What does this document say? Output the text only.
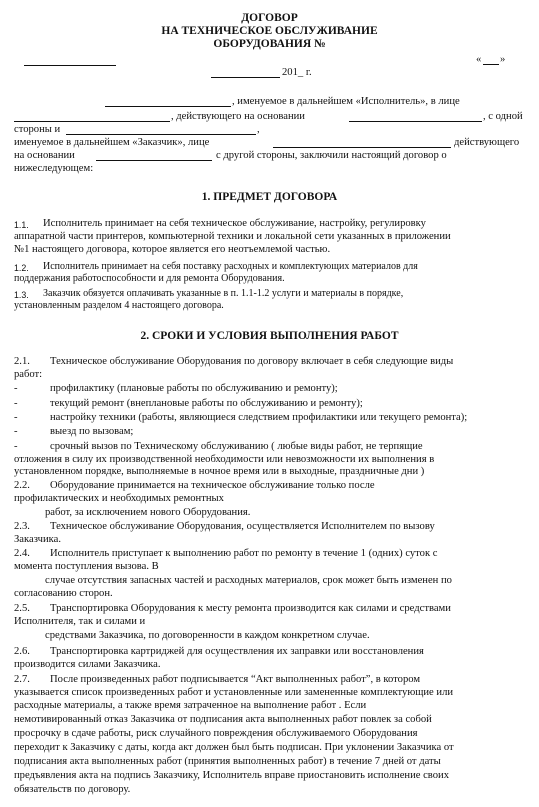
ДОГОВОР
НА ТЕХНИЧЕСКОЕ ОБСЛУЖИВАНИЕ
ОБОРУДОВАНИЯ №
« »
201_ г.
, именуемое в дальнейшем «Исполнитель», в лице
, действующего на основании	, с одной
стороны и	,
именуемое в дальнейшем «Заказчик», лице	действующего
на основании	с другой стороны, заключили настоящий договор о
нижеследующем:
1. ПРЕДМЕТ ДОГОВОРА
1.1. Исполнитель принимает на себя техническое обслуживание, настройку, регулировку
аппаратной части принтеров, компьютерной техники и локальной сети указанных в приложении
№1 настоящего договора, которое является его неотъемлемой частью.
1.2. Исполнитель принимает на себя поставку расходных и комплектующих материалов для
поддержания работоспособности и для ремонта Оборудования.
1.3. Заказчик обязуется оплачивать указанные в п. 1.1-1.2 услуги и материалы в порядке,
установленным разделом 4 настоящего договора.
2. СРОКИ И УСЛОВИЯ ВЫПОЛНЕНИЯ РАБОТ
2.1. Техническое обслуживание Оборудования по договору включает в себя следующие виды
работ:
-	профилактику (плановые работы по обслуживанию и ремонту);
-	текущий ремонт (внеплановые работы по обслуживанию и ремонту);
-	настройку техники (работы, являющиеся следствием профилактики или текущего ремонта);
-	выезд по вызовам;
-	срочный вызов по Техническому обслуживанию ( любые виды работ, не терпящие
отложения в силу их производственной необходимости или невозможности их выполнения в
установленном порядке, выполняемые в ночное время или в выходные, праздничные дни )
2.2. Оборудование принимается на техническое обслуживание только после
профилактических и необходимых ремонтных
работ, за исключением нового Оборудования.
2.3. Техническое обслуживание Оборудования, осуществляется Исполнителем по вызову
Заказчика.
2.4. Исполнитель приступает к выполнению работ по ремонту в течение 1 (одних) суток с
момента поступления вызова. В
случае отсутствия запасных частей и расходных материалов, срок может быть изменен по
согласованию сторон.
2.5. Транспортировка Оборудования к месту ремонта производится как силами и средствами
Исполнителя, так и силами и
средствами Заказчика, по договоренности в каждом конкретном случае.
2.6. Транспортировка картриджей для осуществления их заправки или восстановления
производится силами Заказчика.
2.7. После произведенных работ подписывается “Акт выполненных работ”, в котором
указывается список произведенных работ и установленные или замененные комплектующие или
расходные материалы, а также время затраченное на выполнение работ . Если
немотивированный отказ Заказчика от подписания акта выполненных работ повлек за собой
просрочку в сдаче работы, риск случайного повреждения обслуживаемого Оборудования
переходит к Заказчику с даты, когда акт должен был быть подписан. При уклонении Заказчика от
подписания акта выполненных работ (принятия выполненных работ) в течение 7 дней от даты
предъявления акта на подпись Заказчику, Исполнитель вправе приостановить исполнение своих
обязательств по договору.
